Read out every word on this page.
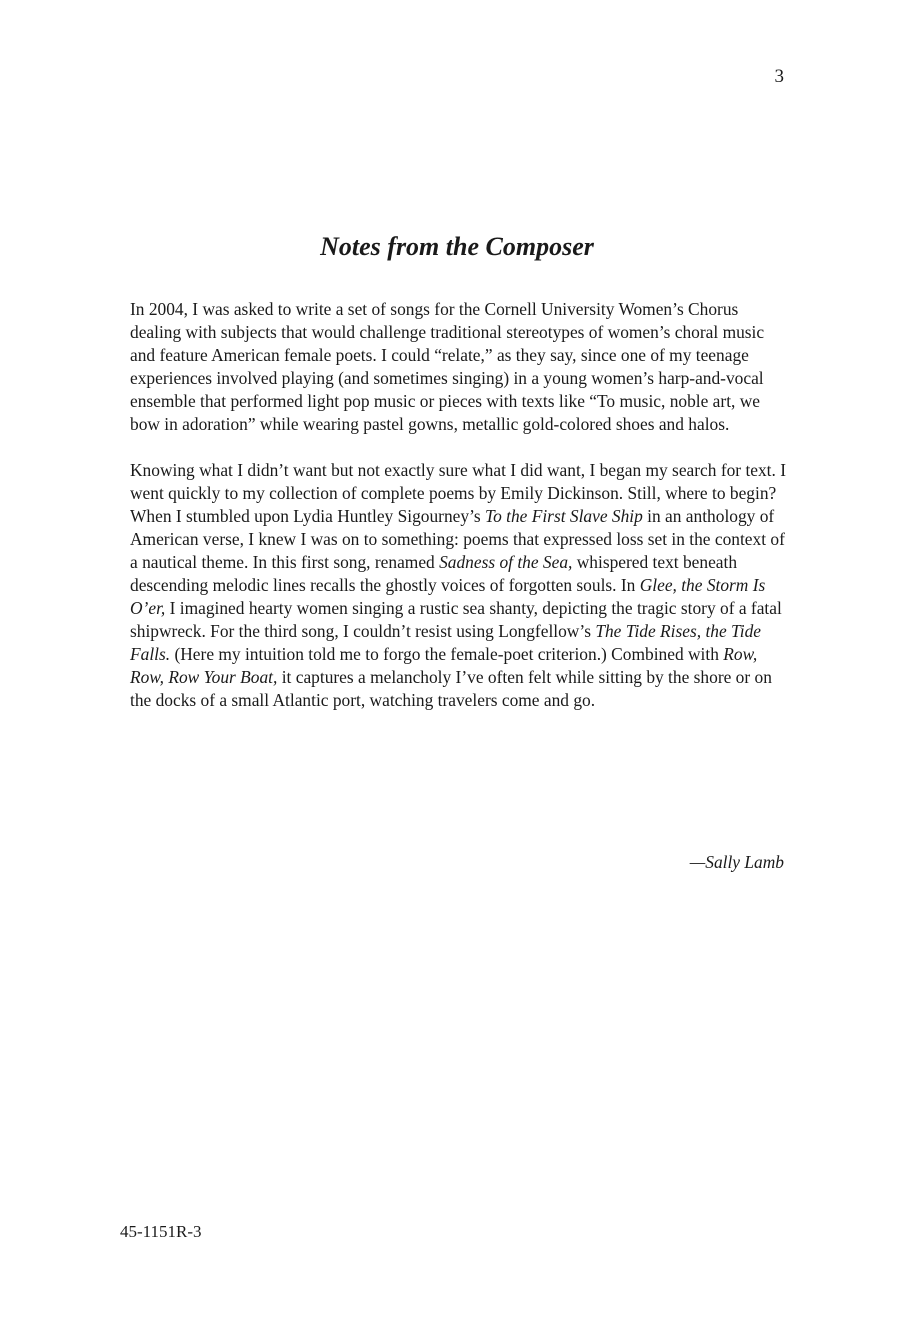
3
Notes from the Composer

In 2004, I was asked to write a set of songs for the Cornell University Women’s Chorus dealing with subjects that would challenge traditional stereotypes of women’s choral music and feature American female poets. I could “relate,” as they say, since one of my teenage experiences involved playing (and sometimes singing) in a young women’s harp-and-vocal ensemble that performed light pop music or pieces with texts like “To music, noble art, we bow in adoration” while wearing pastel gowns, metallic gold-colored shoes and halos.

Knowing what I didn’t want but not exactly sure what I did want, I began my search for text. I went quickly to my collection of complete poems by Emily Dickinson. Still, where to begin? When I stumbled upon Lydia Huntley Sigourney’s To the First Slave Ship in an anthology of American verse, I knew I was on to something: poems that expressed loss set in the context of a nautical theme. In this first song, renamed Sadness of the Sea, whispered text beneath descending melodic lines recalls the ghostly voices of forgotten souls. In Glee, the Storm Is O’er, I imagined hearty women singing a rustic sea shanty, depicting the tragic story of a fatal shipwreck. For the third song, I couldn’t resist using Longfellow’s The Tide Rises, the Tide Falls. (Here my intuition told me to forgo the female-poet criterion.) Combined with Row, Row, Row Your Boat, it captures a melancholy I’ve often felt while sitting by the shore or on the docks of a small Atlantic port, watching travelers come and go.

—Sally Lamb
45-1151R-3
